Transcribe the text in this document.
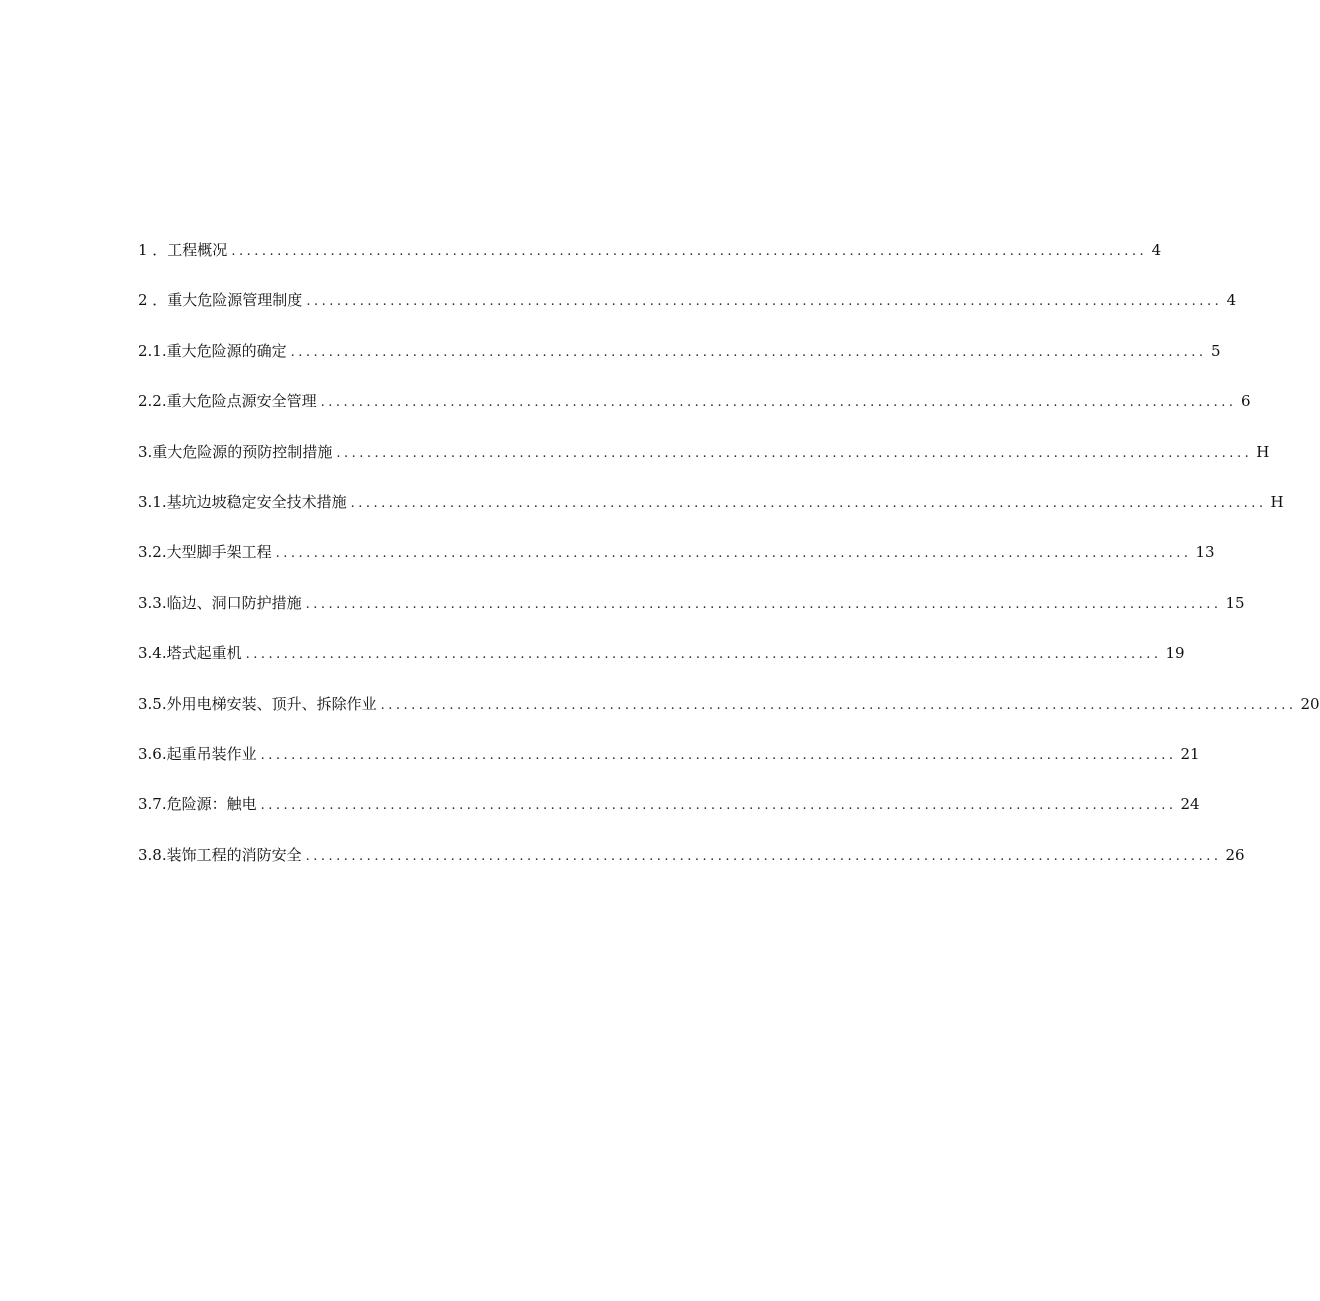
1 ．工程概况 ........................................................................................................................ 4
2 ．重大危险源管理制度 ........................................................................................................................ 4
2.1.重大危险源的确定 ........................................................................................................................ 5
2.2.重大危险点源安全管理 ........................................................................................................................ 6
3.重大危险源的预防控制措施 ........................................................................................................................ H
3.1.基坑边坡稳定安全技术措施 ........................................................................................................................ H
3.2.大型脚手架工程 ........................................................................................................................ 13
3.3.临边、洞口防护措施 ........................................................................................................................ 15
3.4.塔式起重机 ........................................................................................................................ 19
3.5.外用电梯安装、顶升、拆除作业 ........................................................................................................................ 20
3.6.起重吊装作业 ........................................................................................................................ 21
3.7.危险源：触电 ........................................................................................................................ 24
3.8.装饰工程的消防安全 ........................................................................................................................ 26
